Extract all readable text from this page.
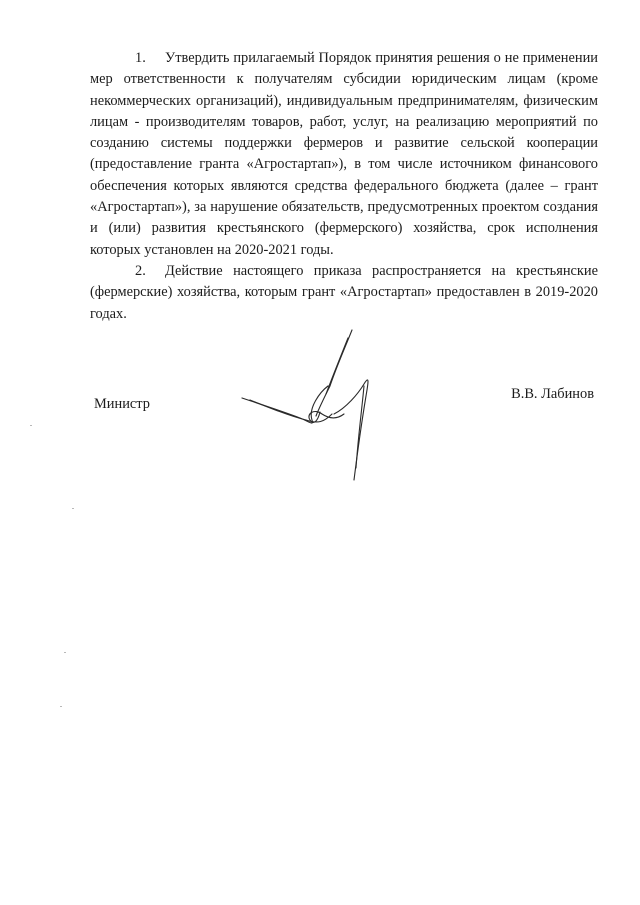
1. Утвердить прилагаемый Порядок принятия решения о не применении мер ответственности к получателям субсидии юридическим лицам (кроме некоммерческих организаций), индивидуальным предпринимателям, физическим лицам - производителям товаров, работ, услуг, на реализацию мероприятий по созданию системы поддержки фермеров и развитие сельской кооперации (предоставление гранта «Агростартап»), в том числе источником финансового обеспечения которых являются средства федерального бюджета (далее – грант «Агростартап»), за нарушение обязательств, предусмотренных проектом создания и (или) развития крестьянского (фермерского) хозяйства, срок исполнения которых установлен на 2020-2021 годы.

2. Действие настоящего приказа распространяется на крестьянские (фермерские) хозяйства, которым грант «Агростартап» предоставлен в 2019-2020 годах.

Министр
В.В. Лабинов
